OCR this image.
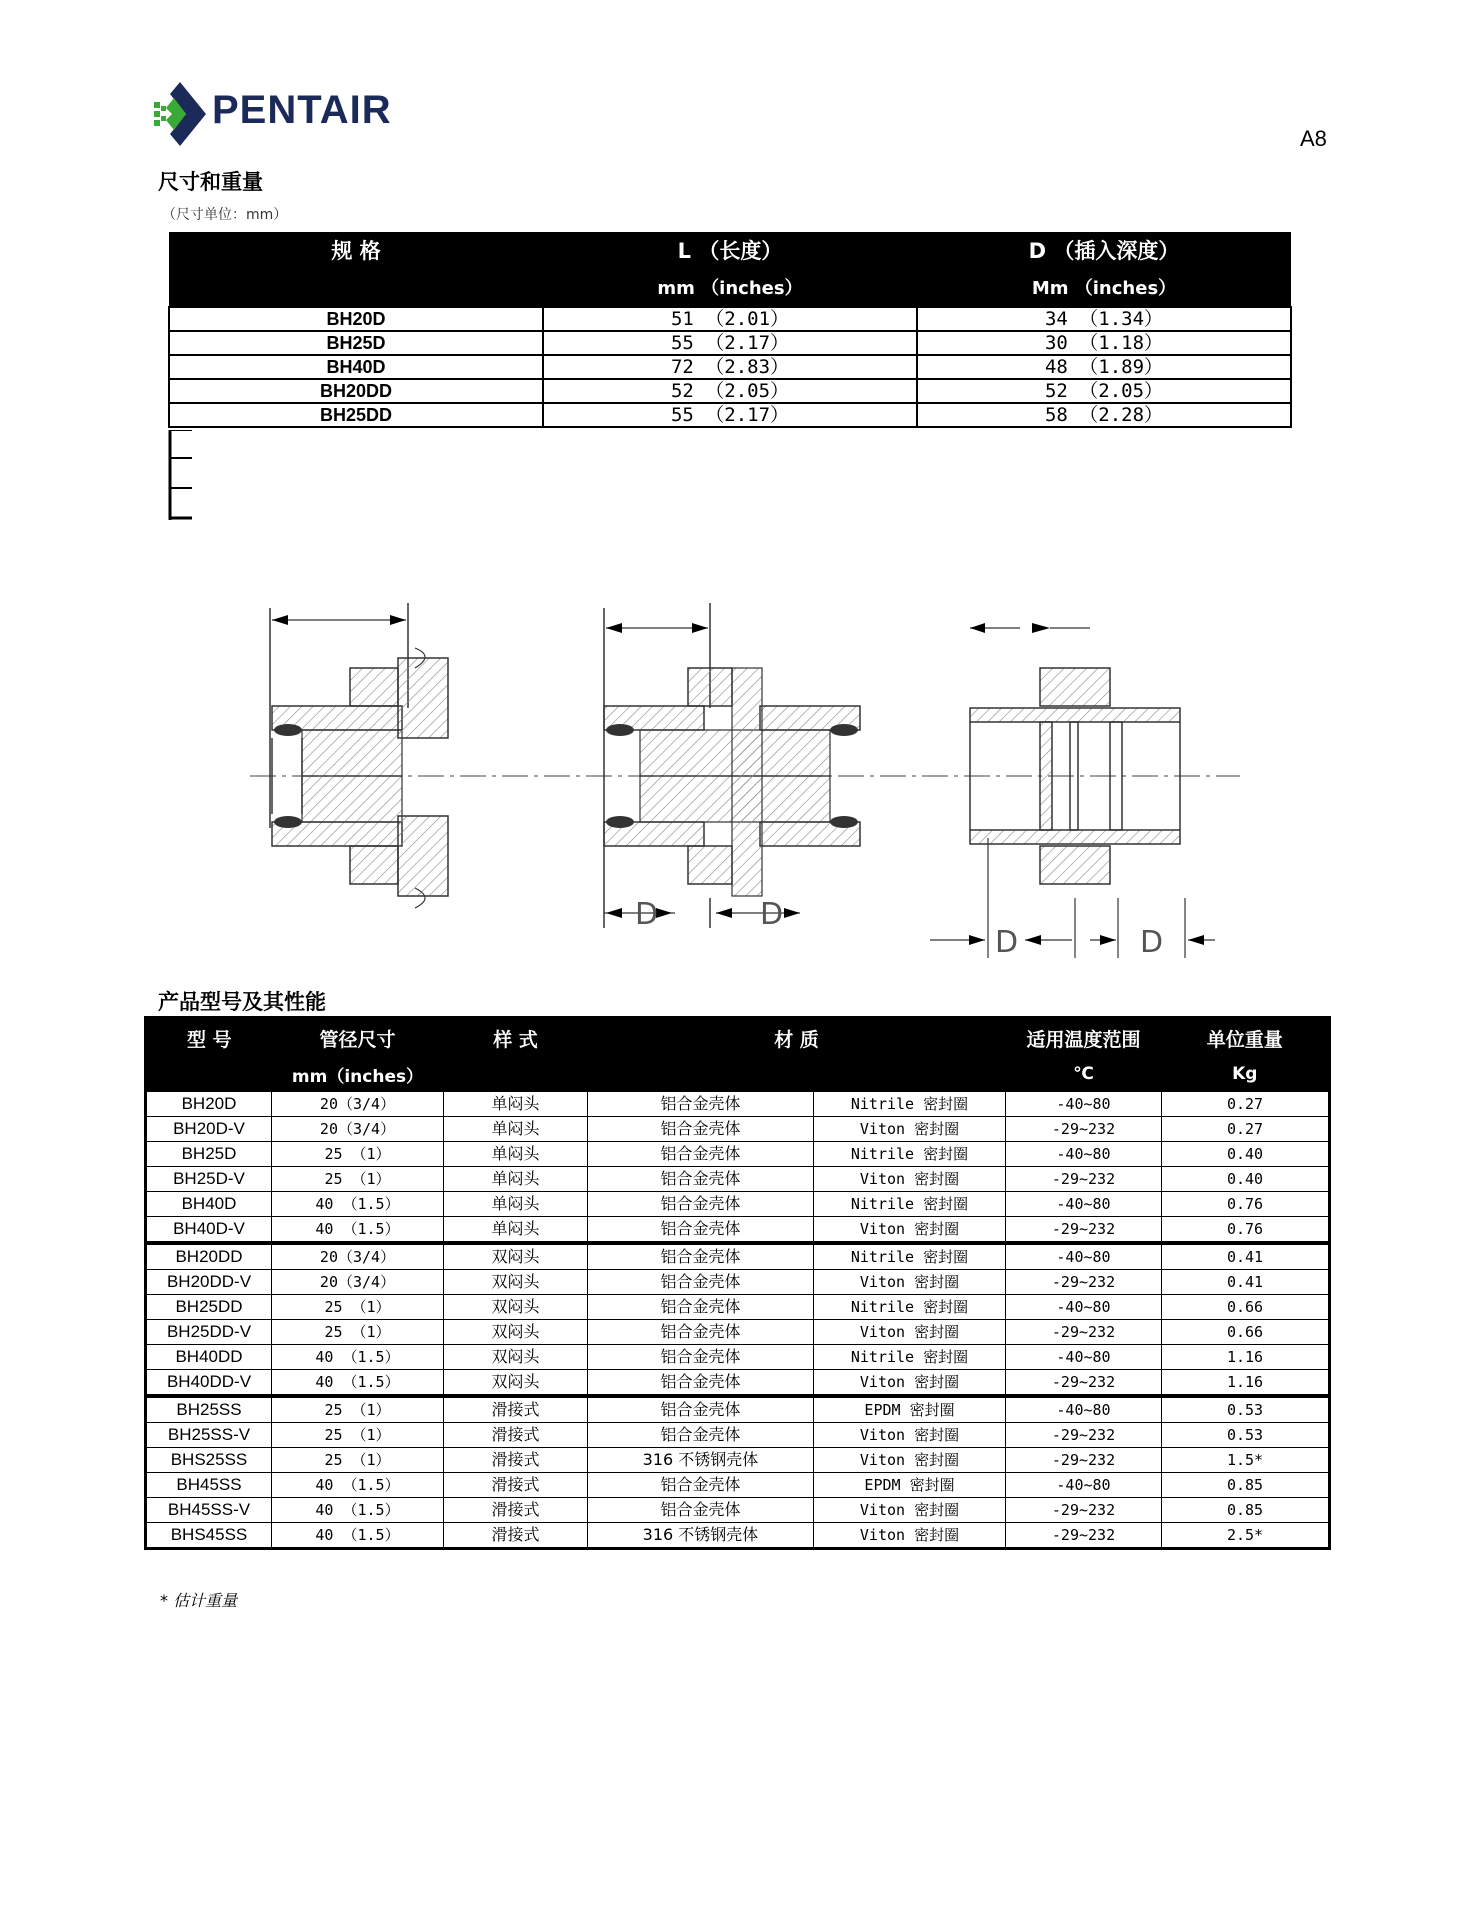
PENTAIR
A8
尺寸和重量
（尺寸单位：mm）
规 格	L （长度）	D （插入深度）
	mm （inches）	Mm （inches）
BH20D	51 （2.01）	34 （1.34）
BH25D	55 （2.17）	30 （1.18）
BH40D	72 （2.83）	48 （1.89）
BH20DD	52 （2.05）	52 （2.05）
BH25DD	55 （2.17）	58 （2.28）
D	D
D	D
产品型号及其性能
型 号	管径尺寸	样 式	材 质		适用温度范围	单位重量
	mm（inches）				℃	Kg
BH20D	20（3/4）	单闷头	铝合金壳体	Nitrile 密封圈	-40~80	0.27
BH20D-V	20（3/4）	单闷头	铝合金壳体	Viton 密封圈	-29~232	0.27
BH25D	25 （1）	单闷头	铝合金壳体	Nitrile 密封圈	-40~80	0.40
BH25D-V	25 （1）	单闷头	铝合金壳体	Viton 密封圈	-29~232	0.40
BH40D	40 （1.5）	单闷头	铝合金壳体	Nitrile 密封圈	-40~80	0.76
BH40D-V	40 （1.5）	单闷头	铝合金壳体	Viton 密封圈	-29~232	0.76
BH20DD	20（3/4）	双闷头	铝合金壳体	Nitrile 密封圈	-40~80	0.41
BH20DD-V	20（3/4）	双闷头	铝合金壳体	Viton 密封圈	-29~232	0.41
BH25DD	25 （1）	双闷头	铝合金壳体	Nitrile 密封圈	-40~80	0.66
BH25DD-V	25 （1）	双闷头	铝合金壳体	Viton 密封圈	-29~232	0.66
BH40DD	40 （1.5）	双闷头	铝合金壳体	Nitrile 密封圈	-40~80	1.16
BH40DD-V	40 （1.5）	双闷头	铝合金壳体	Viton 密封圈	-29~232	1.16
BH25SS	25 （1）	滑接式	铝合金壳体	EPDM 密封圈	-40~80	0.53
BH25SS-V	25 （1）	滑接式	铝合金壳体	Viton 密封圈	-29~232	0.53
BHS25SS	25 （1）	滑接式	316 不锈钢壳体	Viton 密封圈	-29~232	1.5*
BH45SS	40 （1.5）	滑接式	铝合金壳体	EPDM 密封圈	-40~80	0.85
BH45SS-V	40 （1.5）	滑接式	铝合金壳体	Viton 密封圈	-29~232	0.85
BHS45SS	40 （1.5）	滑接式	316 不锈钢壳体	Viton 密封圈	-29~232	2.5*
* 估计重量
